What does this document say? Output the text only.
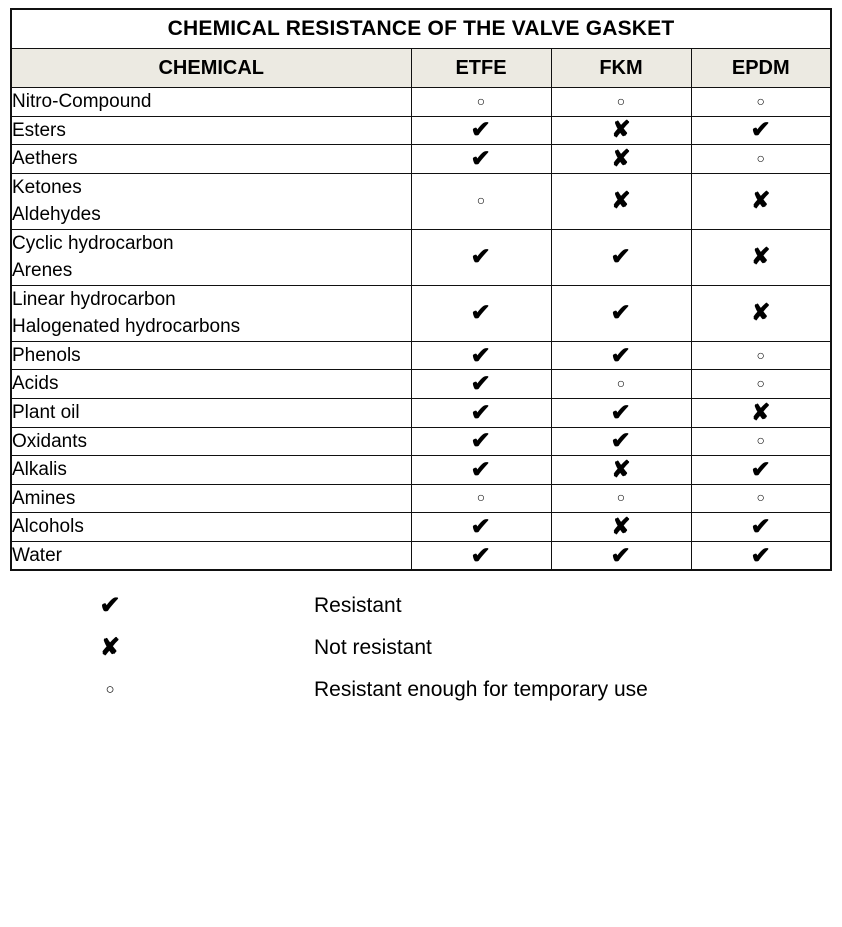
CHEMICAL RESISTANCE OF THE VALVE GASKET			
CHEMICAL	ETFE	FKM	EPDM

Nitro-Compound	○	○	○

Esters	✔	✘	✔

Aethers	✔	✘	○

Ketones
Aldehydes	○	✘	✘

Cyclic hydrocarbon
Arenes	✔	✔	✘

Linear hydrocarbon
Halogenated hydrocarbons	✔	✔	✘

Phenols	✔	✔	○

Acids	✔	○	○

Plant oil	✔	✔	✘

Oxidants	✔	✔	○

Alkalis	✔	✘	✔

Amines	○	○	○

Alcohols	✔	✘	✔

Water	✔	✔	✔
✔	Resistant
✘	Not resistant
○	Resistant enough for temporary use
